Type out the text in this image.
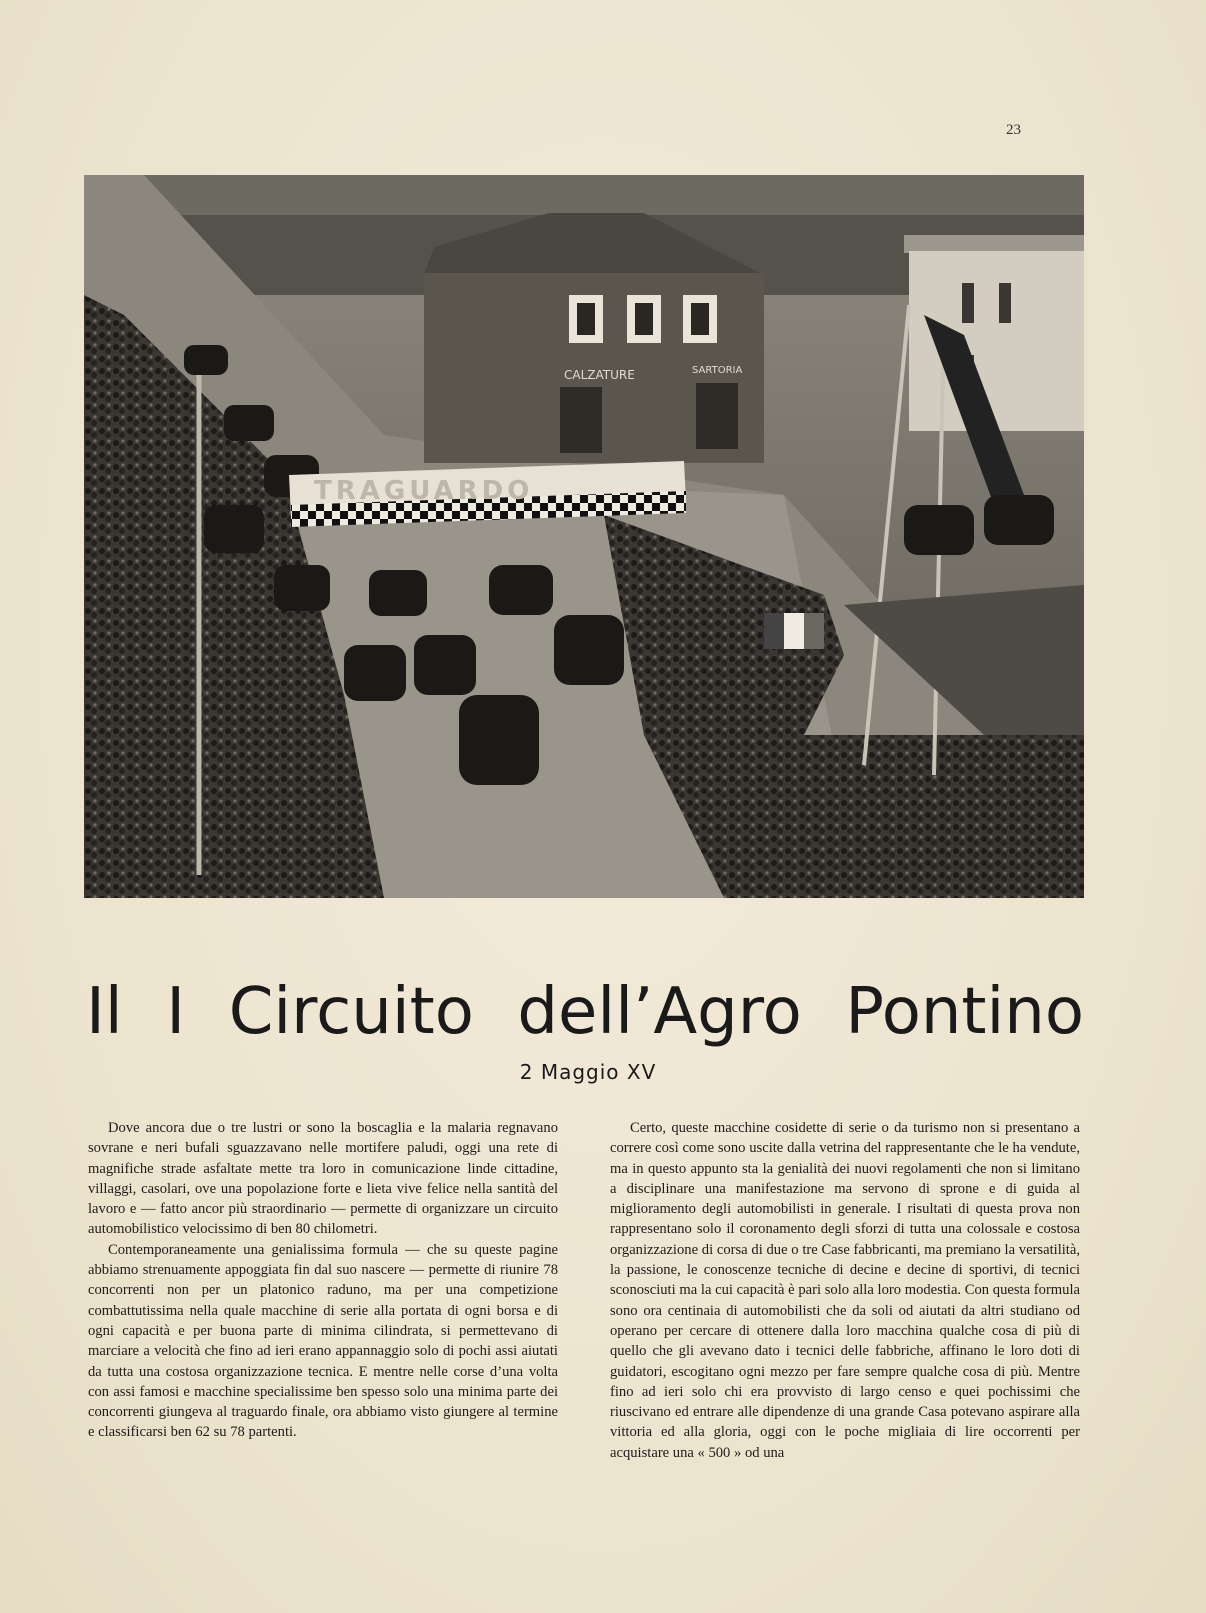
23
CALZATURE	SARTORIA
TRAGUARDO
Il I Circuito dell’Agro Pontino
2 Maggio XV

Dove ancora due o tre lustri or sono la boscaglia e la malaria regnavano sovrane e neri bufali sguazzavano nelle mortifere paludi, oggi una rete di magnifiche strade asfaltate mette tra loro in comunicazione linde cittadine, villaggi, casolari, ove una popolazione forte e lieta vive felice nella santità del lavoro e — fatto ancor più straordinario — permette di organizzare un circuito automobilistico velocissimo di ben 80 chilometri.

Contemporaneamente una genialissima formula — che su queste pagine abbiamo strenuamente appoggiata fin dal suo nascere — permette di riunire 78 concorrenti non per un platonico raduno, ma per una competizione combattutissima nella quale macchine di serie alla portata di ogni borsa e di ogni capacità e per buona parte di minima cilindrata, si permettevano di marciare a velocità che fino ad ieri erano appannaggio solo di pochi assi aiutati da tutta una costosa organizzazione tecnica. E mentre nelle corse d’una volta con assi famosi e macchine specialissime ben spesso solo una minima parte dei concorrenti giungeva al traguardo finale, ora abbiamo visto giungere al termine e classificarsi ben 62 su 78 partenti.

Certo, queste macchine cosidette di serie o da turismo non si presentano a correre così come sono uscite dalla vetrina del rappresentante che le ha vendute, ma in questo appunto sta la genialità dei nuovi regolamenti che non si limitano a disciplinare una manifestazione ma servono di sprone e di guida al miglioramento degli automobilisti in generale. I risultati di questa prova non rappresentano solo il coronamento degli sforzi di tutta una colossale e costosa organizzazione di corsa di due o tre Case fabbricanti, ma premiano la versatilità, la passione, le conoscenze tecniche di decine e decine di sportivi, di tecnici sconosciuti ma la cui capacità è pari solo alla loro modestia. Con questa formula sono ora centinaia di automobilisti che da soli od aiutati da altri studiano od operano per cercare di ottenere dalla loro macchina qualche cosa di più di quello che gli avevano dato i tecnici delle fabbriche, affinano le loro doti di guidatori, escogitano ogni mezzo per fare sempre qualche cosa di più. Mentre fino ad ieri solo chi era provvisto di largo censo e quei pochissimi che riuscivano ed entrare alle dipendenze di una grande Casa potevano aspirare alla vittoria ed alla gloria, oggi con le poche migliaia di lire occorrenti per acquistare una « 500 » od una
